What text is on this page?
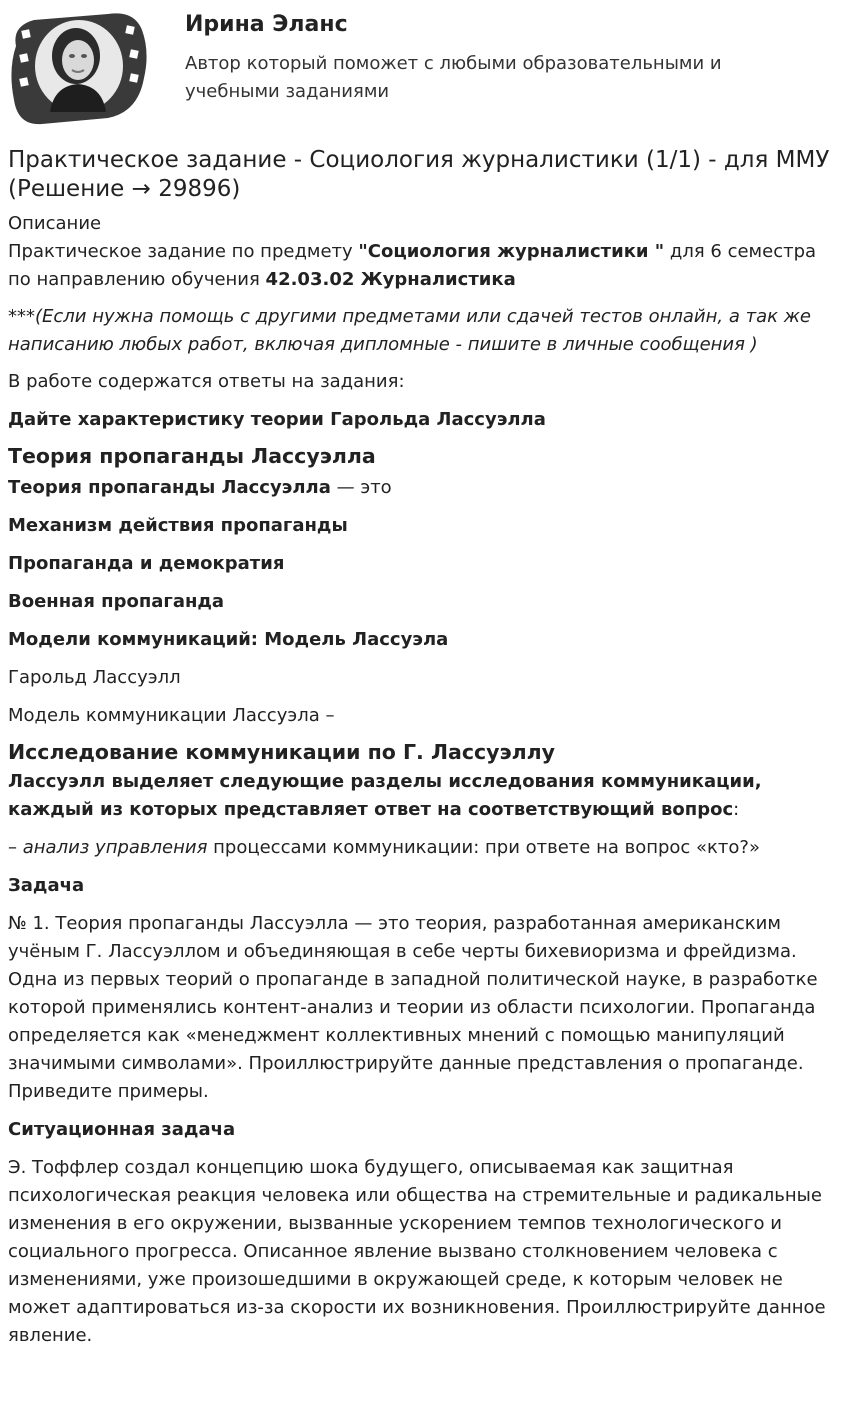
Ирина Эланс
Автор который поможет с любыми образовательными и учебными заданиями
Практическое задание - Социология журналистики (1/1) - для ММУ (Решение → 29896)
Описание
Практическое задание по предмету "Социология журналистики " для 6 семестра по направлению обучения 42.03.02 Журналистика
***(Если нужна помощь с другими предметами или сдачей тестов онлайн, а так же написанию любых работ, включая дипломные - пишите в личные сообщения )
В работе содержатся ответы на задания:
Дайте характеристику теории Гарольда Лассуэлла
Теория пропаганды Лассуэлла
Теория пропаганды Лассуэлла — это
Механизм действия пропаганды
Пропаганда и демократия
Военная пропаганда
Модели коммуникаций: Модель Лассуэла
Гарольд Лассуэлл
Модель коммуникации Лассуэла –
Исследование коммуникации по Г. Лассуэллу
Лассуэлл выделяет следующие разделы исследования коммуникации, каждый из которых представляет ответ на соответствующий вопрос:
– анализ управления процессами коммуникации: при ответе на вопрос «кто?»
Задача
№ 1. Теория пропаганды Лассуэлла — это теория, разработанная американским учёным Г. Лассуэллом и объединяющая в себе черты бихевиоризма и фрейдизма. Одна из первых теорий о пропаганде в западной политической науке, в разработке которой применялись контент-анализ и теории из области психологии. Пропаганда определяется как «менеджмент коллективных мнений с помощью манипуляций значимыми символами». Проиллюстрируйте данные представления о пропаганде. Приведите примеры.
Ситуационная задача
Э. Тоффлер создал концепцию шока будущего, описываемая как защитная психологическая реакция человека или общества на стремительные и радикальные изменения в его окружении, вызванные ускорением темпов технологического и социального прогресса. Описанное явление вызвано столкновением человека с изменениями, уже произошедшими в окружающей среде, к которым человек не может адаптироваться из-за скорости их возникновения. Проиллюстрируйте данное явление.
